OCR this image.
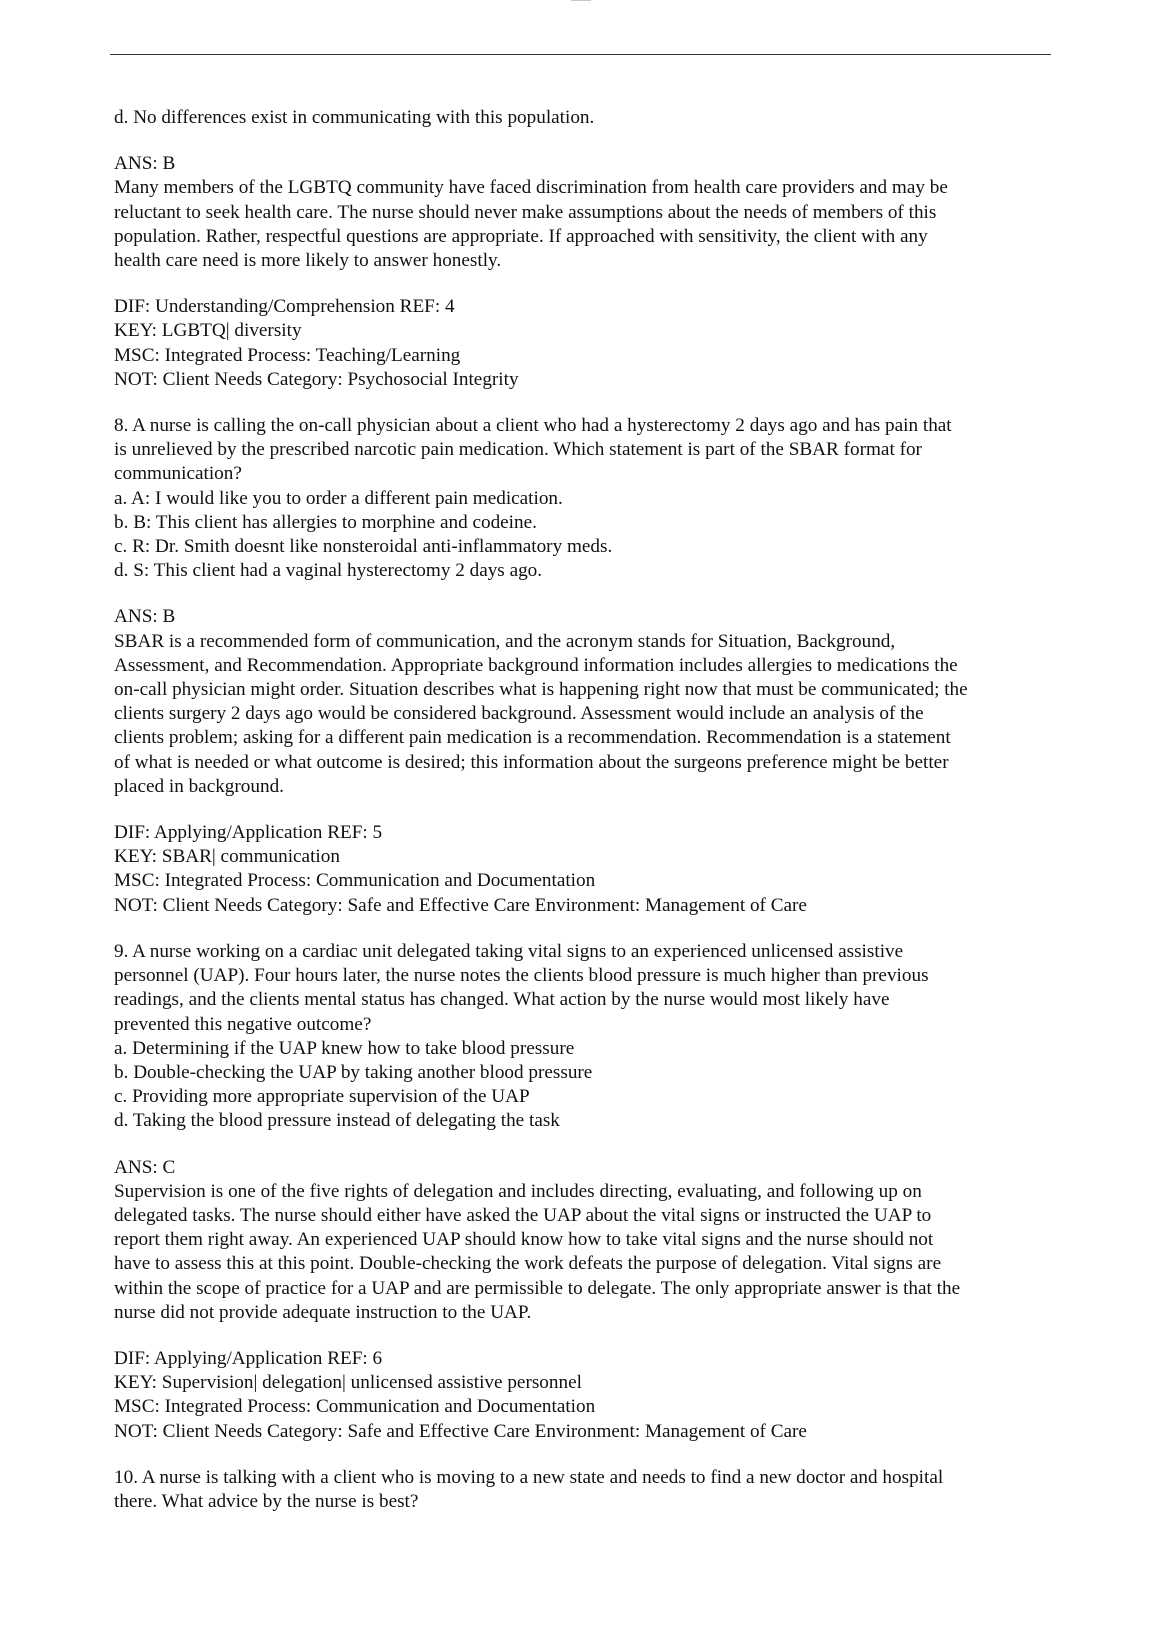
d. No differences exist in communicating with this population.

ANS: B

Many members of the LGBTQ community have faced discrimination from health care providers and may be

reluctant to seek health care. The nurse should never make assumptions about the needs of members of this

population. Rather, respectful questions are appropriate. If approached with sensitivity, the client with any

health care need is more likely to answer honestly.

DIF: Understanding/Comprehension REF: 4

KEY: LGBTQ| diversity

MSC: Integrated Process: Teaching/Learning

NOT: Client Needs Category: Psychosocial Integrity

8. A nurse is calling the on-call physician about a client who had a hysterectomy 2 days ago and has pain that

is unrelieved by the prescribed narcotic pain medication. Which statement is part of the SBAR format for

communication?

a. A: I would like you to order a different pain medication.

b. B: This client has allergies to morphine and codeine.

c. R: Dr. Smith doesnt like nonsteroidal anti-inflammatory meds.

d. S: This client had a vaginal hysterectomy 2 days ago.

ANS: B

SBAR is a recommended form of communication, and the acronym stands for Situation, Background,

Assessment, and Recommendation. Appropriate background information includes allergies to medications the

on-call physician might order. Situation describes what is happening right now that must be communicated; the

clients surgery 2 days ago would be considered background. Assessment would include an analysis of the

clients problem; asking for a different pain medication is a recommendation. Recommendation is a statement

of what is needed or what outcome is desired; this information about the surgeons preference might be better

placed in background.

DIF: Applying/Application REF: 5

KEY: SBAR| communication

MSC: Integrated Process: Communication and Documentation

NOT: Client Needs Category: Safe and Effective Care Environment: Management of Care

9. A nurse working on a cardiac unit delegated taking vital signs to an experienced unlicensed assistive

personnel (UAP). Four hours later, the nurse notes the clients blood pressure is much higher than previous

readings, and the clients mental status has changed. What action by the nurse would most likely have

prevented this negative outcome?

a. Determining if the UAP knew how to take blood pressure

b. Double-checking the UAP by taking another blood pressure

c. Providing more appropriate supervision of the UAP

d. Taking the blood pressure instead of delegating the task

ANS: C

Supervision is one of the five rights of delegation and includes directing, evaluating, and following up on

delegated tasks. The nurse should either have asked the UAP about the vital signs or instructed the UAP to

report them right away. An experienced UAP should know how to take vital signs and the nurse should not

have to assess this at this point. Double-checking the work defeats the purpose of delegation. Vital signs are

within the scope of practice for a UAP and are permissible to delegate. The only appropriate answer is that the

nurse did not provide adequate instruction to the UAP.

DIF: Applying/Application REF: 6

KEY: Supervision| delegation| unlicensed assistive personnel

MSC: Integrated Process: Communication and Documentation

NOT: Client Needs Category: Safe and Effective Care Environment: Management of Care

10. A nurse is talking with a client who is moving to a new state and needs to find a new doctor and hospital

there. What advice by the nurse is best?
